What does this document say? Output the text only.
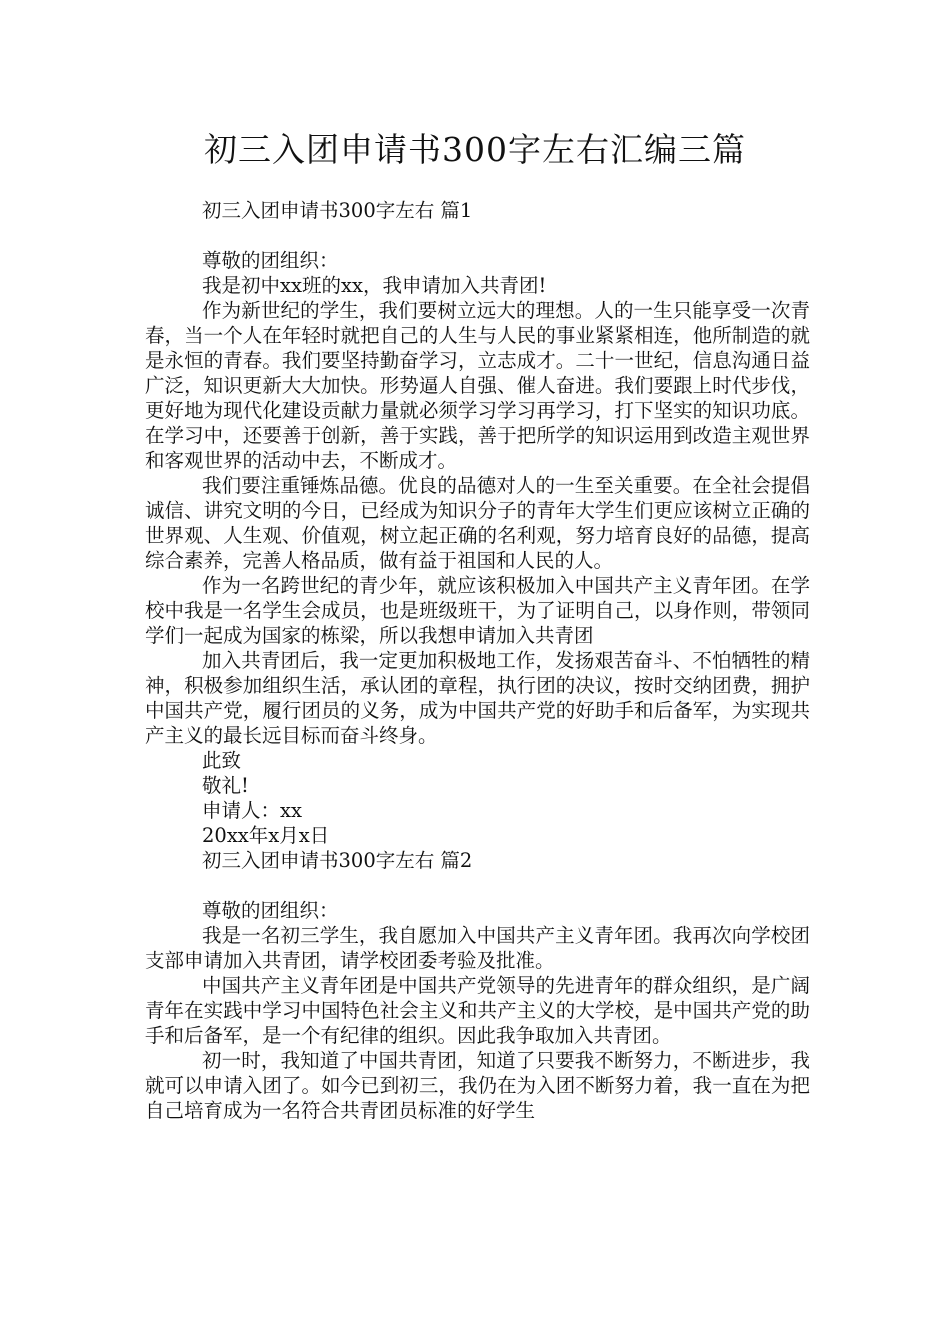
初三入团申请书300字左右汇编三篇

初三入团申请书300字左右 篇1

尊敬的团组织：

我是初中xx班的xx，我申请加入共青团!

作为新世纪的学生，我们要树立远大的理想。人的一生只能享受一次青春，当一个人在年轻时就把自己的人生与人民的事业紧紧相连，他所制造的就是永恒的青春。我们要坚持勤奋学习，立志成才。二十一世纪，信息沟通日益广泛，知识更新大大加快。形势逼人自强、催人奋进。我们要跟上时代步伐，更好地为现代化建设贡献力量就必须学习学习再学习，打下坚实的知识功底。在学习中，还要善于创新，善于实践，善于把所学的知识运用到改造主观世界和客观世界的活动中去，不断成才。

我们要注重锤炼品德。优良的品德对人的一生至关重要。在全社会提倡诚信、讲究文明的今日，已经成为知识分子的青年大学生们更应该树立正确的世界观、人生观、价值观，树立起正确的名利观，努力培育良好的品德，提高综合素养，完善人格品质，做有益于祖国和人民的人。

作为一名跨世纪的青少年，就应该积极加入中国共产主义青年团。在学校中我是一名学生会成员，也是班级班干，为了证明自己，以身作则，带领同学们一起成为国家的栋梁，所以我想申请加入共青团

加入共青团后，我一定更加积极地工作，发扬艰苦奋斗、不怕牺牲的精神，积极参加组织生活，承认团的章程，执行团的决议，按时交纳团费，拥护中国共产党，履行团员的义务，成为中国共产党的好助手和后备军，为实现共产主义的最长远目标而奋斗终身。

此致

敬礼!

申请人：xx

20xx年x月x日

初三入团申请书300字左右 篇2

尊敬的团组织：

我是一名初三学生，我自愿加入中国共产主义青年团。我再次向学校团支部申请加入共青团，请学校团委考验及批准。

中国共产主义青年团是中国共产党领导的先进青年的群众组织，是广阔青年在实践中学习中国特色社会主义和共产主义的大学校，是中国共产党的助手和后备军，是一个有纪律的组织。因此我争取加入共青团。

初一时，我知道了中国共青团，知道了只要我不断努力，不断进步，我就可以申请入团了。如今已到初三，我仍在为入团不断努力着，我一直在为把自己培育成为一名符合共青团员标准的好学生
